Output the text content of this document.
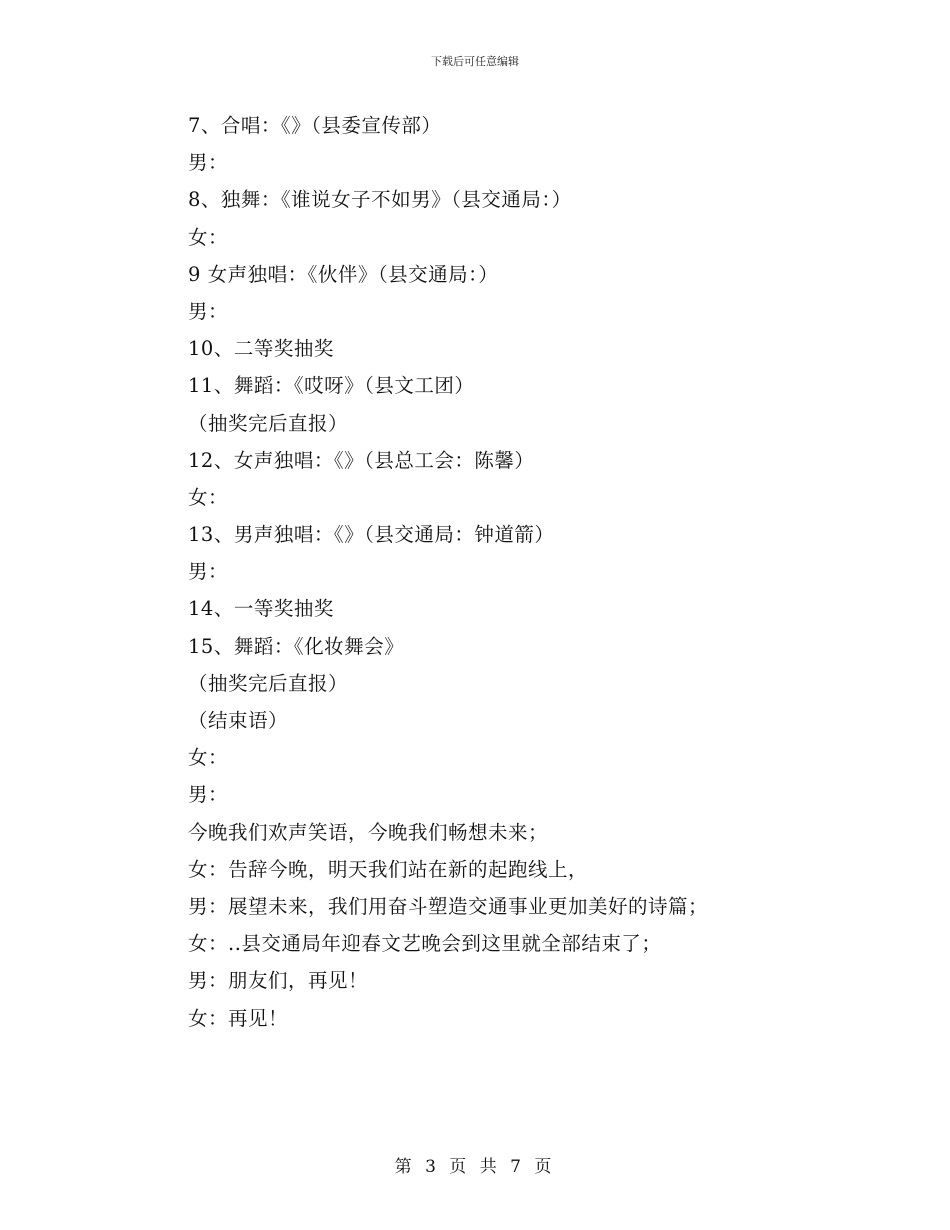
下载后可任意编辑
7、合唱：《》（县委宣传部）
男：
8、独舞：《谁说女子不如男》（县交通局：）
女：
9 女声独唱：《伙伴》（县交通局：）
男：
10、二等奖抽奖
11、舞蹈：《哎呀》（县文工团）
（抽奖完后直报）
12、女声独唱：《》（县总工会：陈馨）
女：
13、男声独唱：《》（县交通局：钟道箭）
男：
14、一等奖抽奖
15、舞蹈：《化妆舞会》
（抽奖完后直报）
（结束语）
女：
男：
今晚我们欢声笑语，今晚我们畅想未来；
女：告辞今晚，明天我们站在新的起跑线上，
男：展望未来，我们用奋斗塑造交通事业更加美好的诗篇；
女：..县交通局年迎春文艺晚会到这里就全部结束了；
男：朋友们，再见！
女：再见！
第 3 页 共 7 页
